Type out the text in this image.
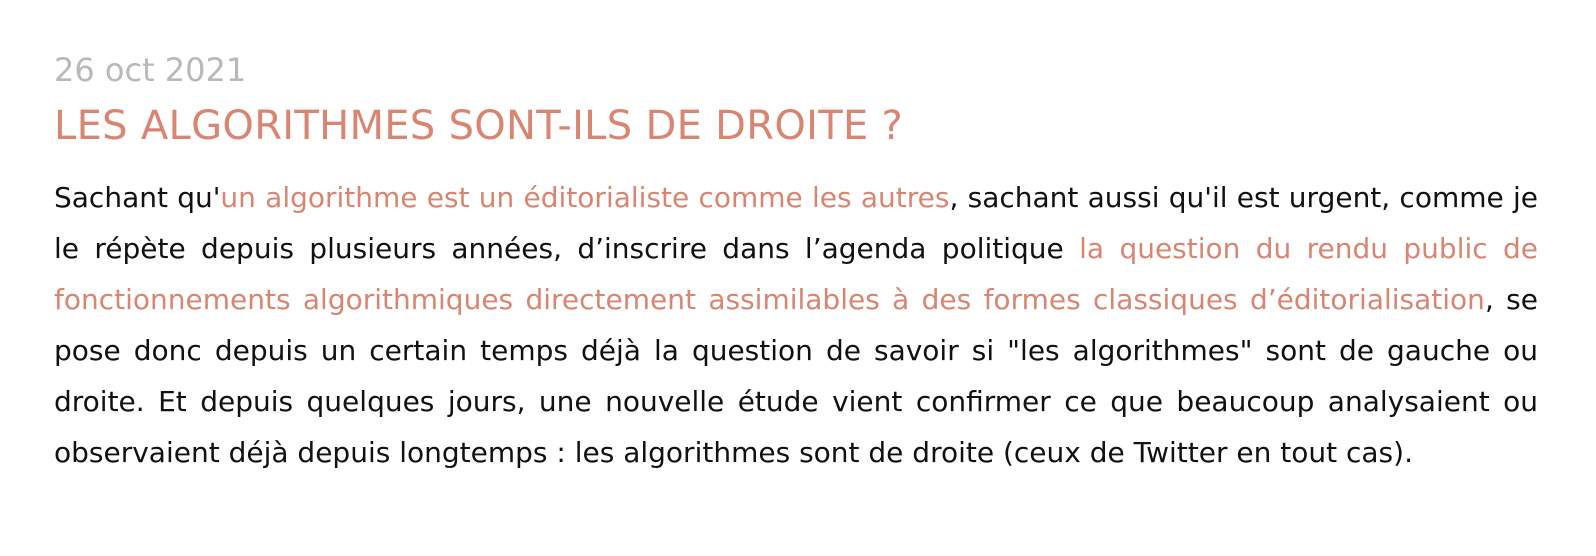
26 oct 2021
LES ALGORITHMES SONT-ILS DE DROITE ?

Sachant qu'un algorithme est un éditorialiste comme les autres, sachant aussi qu'il est urgent, comme je le répète depuis plusieurs années, d’inscrire dans l’agenda politique la question du rendu public de fonctionnements algorithmiques directement assimilables à des formes classiques d’éditorialisation, se pose donc depuis un certain temps déjà la question de savoir si "les algorithmes" sont de gauche ou droite. Et depuis quelques jours, une nouvelle étude vient confirmer ce que beaucoup analysaient ou observaient déjà depuis longtemps : les algorithmes sont de droite (ceux de Twitter en tout cas).
